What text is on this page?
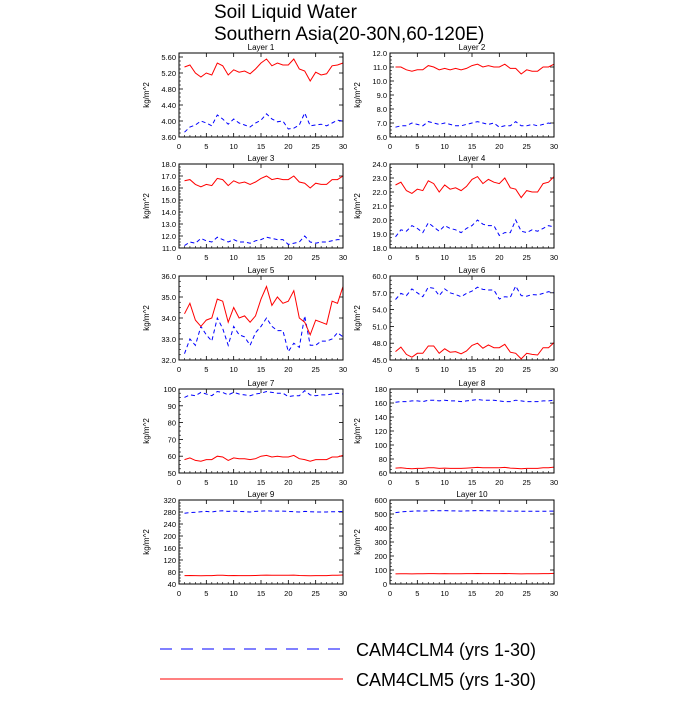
Soil Liquid Water
Southern Asia(20-30N,60-120E)
Layer 1
kg/m^2
3.60
4.00
4.40
4.80
5.20
5.60
0	5	10	15	20	25	30
Layer 2
kg/m^2
6.0
7.0
8.0
9.0
10.0
11.0
12.0
0	5	10	15	20	25	30
Layer 3
kg/m^2
11.0
12.0
13.0
14.0
15.0
16.0
17.0
18.0
0	5	10	15	20	25	30
Layer 4
kg/m^2
18.0
19.0
20.0
21.0
22.0
23.0
24.0
0	5	10	15	20	25	30
Layer 5
kg/m^2
32.0
33.0
34.0
35.0
36.0
0	5	10	15	20	25	30
Layer 6
kg/m^2
45.0
48.0
51.0
54.0
57.0
60.0
0	5	10	15	20	25	30
Layer 7
kg/m^2
50
60
70
80
90
100
0	5	10	15	20	25	30
Layer 8
kg/m^2
60
80
100
120
140
160
180
0	5	10	15	20	25	30
Layer 9
kg/m^2
40
80
120
160
200
240
280
320
0	5	10	15	20	25	30
Layer 10
kg/m^2
0
100
200
300
400
500
600
0	5	10	15	20	25	30
CAM4CLM4 (yrs 1-30)
CAM4CLM5 (yrs 1-30)
